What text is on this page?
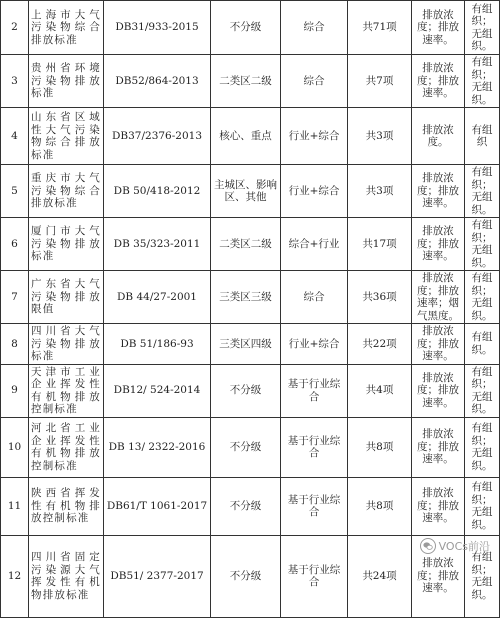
2	上海市大气污染物综合排放标准	DB31/933-2015	不分级	综合	共71项	排放浓度；排放速率。	有组织；无组织。
3	贵州省环境污染物排放标准	DB52/864-2013	二类区二级	综合	共7项	排放浓度；排放速率。	有组织；无组织。
4	山东省区域性大气污染物综合排放标准	DB37/2376-2013	核心、重点	行业+综合	共3项	排放浓度。	有组织
5	重庆市大气污染物综合排放标准	DB 50/418-2012	主城区、影响区、其他	行业+综合	共3项	排放浓度；排放速率。	有组织；无组织。
6	厦门市大气污染物排放标准	DB 35/323-2011	二类区二级	综合+行业	共17项	排放浓度；排放速率。	有组织；无组织。
7	广东省大气污染物排放限值	DB 44/27-2001	三类区三级	综合	共36项	排放浓度；排放速率；烟气黑度。	有组织；无组织。
8	四川省大气污染物排放标准	DB 51/186-93	三类区四级	行业+综合	共22项	排放浓度；排放速率。	有组织。
9	天津市工业企业挥发性有机物排放控制标准	DB12/ 524-2014	不分级	基于行业综合	共4项	排放浓度；排放速率。	有组织；无组织。
10	河北省工业企业挥发性有机物排放控制标准	DB 13/ 2322-2016	不分级	基于行业综合	共8项	排放浓度；排放速率。	有组织；无组织。
11	陕西省挥发性有机物排放控制标准	DB61/T 1061-2017	不分级	基于行业综合	共8项	排放浓度；排放速率。	有组织；无组织。
12	四川省固定污染源大气挥发性有机物排放标准	DB51/ 2377-2017	不分级	基于行业综合	共24项	排放浓度；排放速率。	有组织；无组织。
VOCs前沿
